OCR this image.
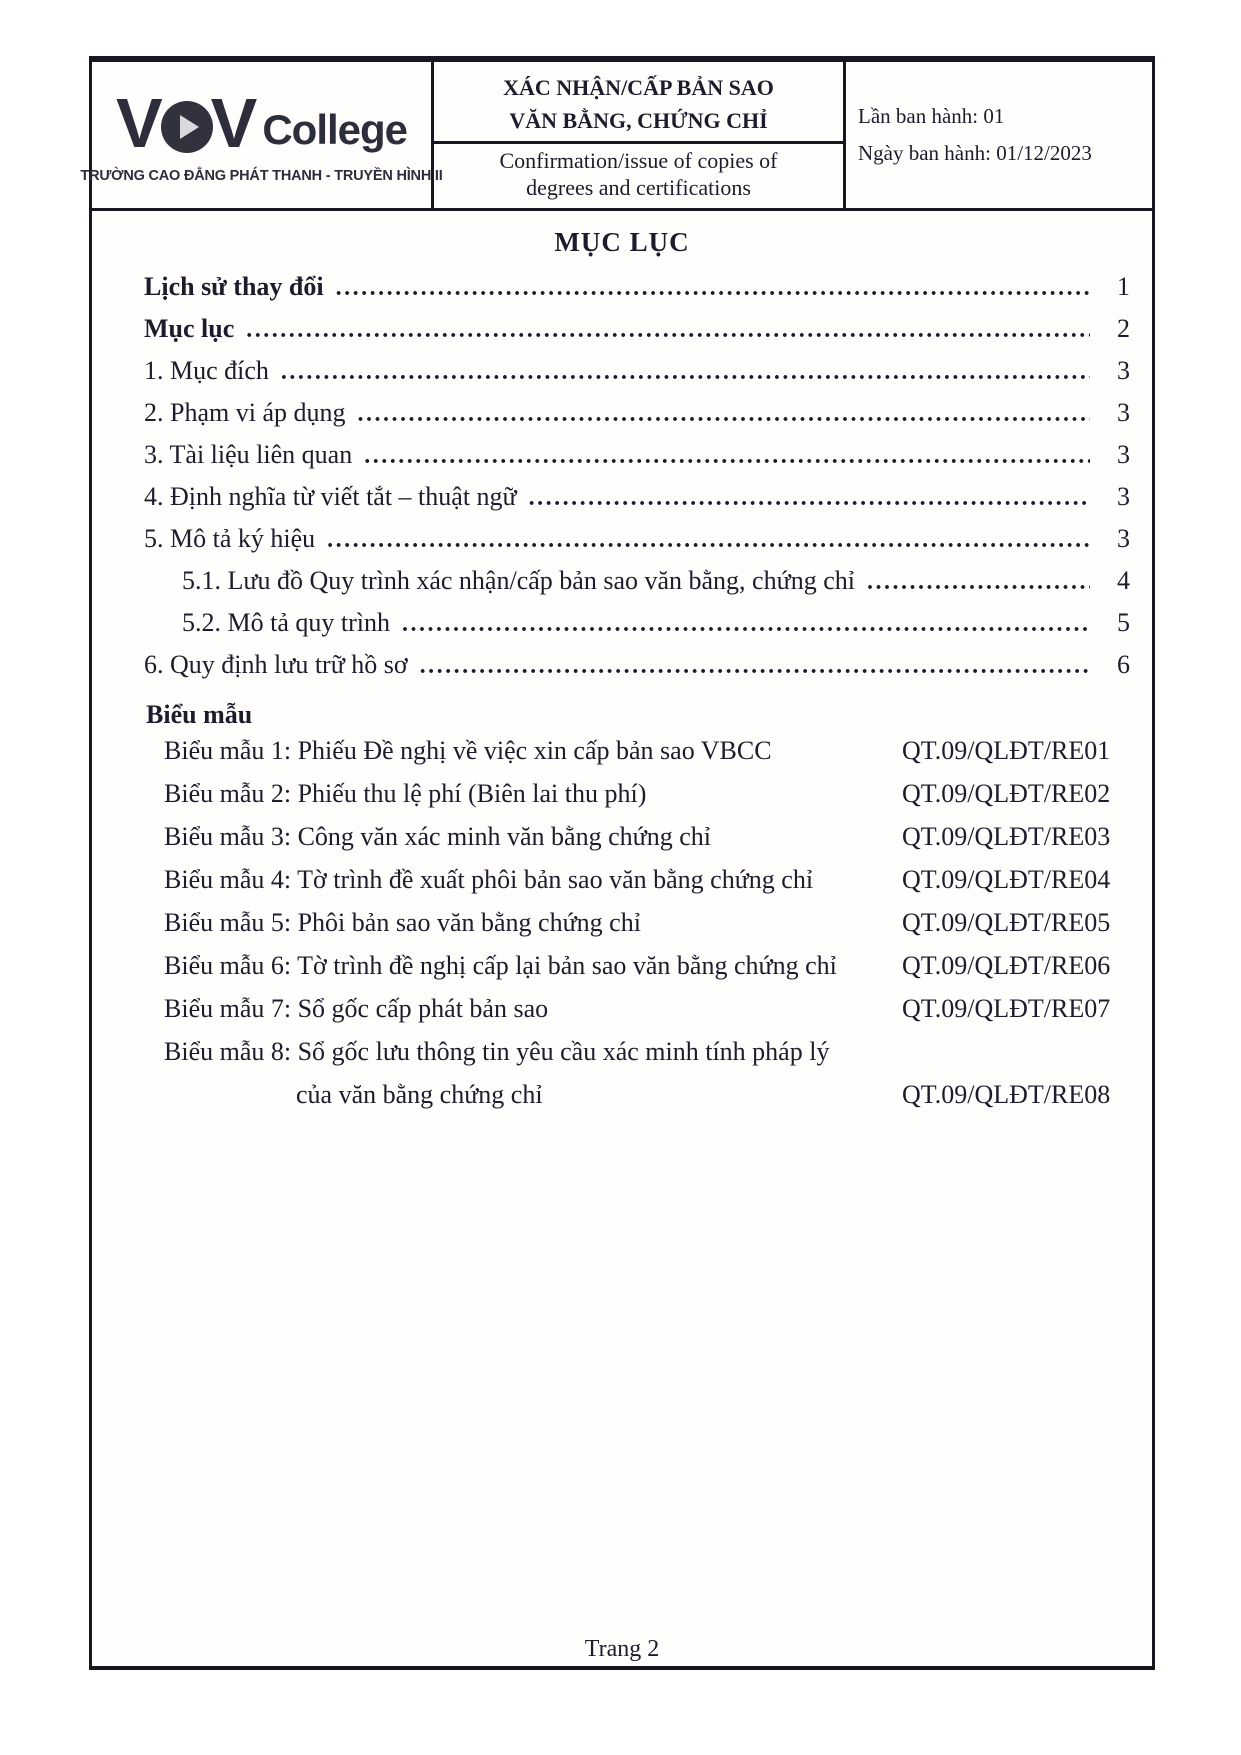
V V College
TRƯỜNG CAO ĐẲNG PHÁT THANH - TRUYỀN HÌNH II
XÁC NHẬN/CẤP BẢN SAO
VĂN BẰNG, CHỨNG CHỈ
Confirmation/issue of copies of
degrees and certifications
Lần ban hành: 01
Ngày ban hành: 01/12/2023
MỤC LỤC
Lịch sử thay đổi .....	1
Mục lục .....	2
1. Mục đích .....	3
2. Phạm vi áp dụng .....	3
3. Tài liệu liên quan .....	3
4. Định nghĩa từ viết tắt – thuật ngữ .....	3
5. Mô tả ký hiệu .....	3
5.1. Lưu đồ Quy trình xác nhận/cấp bản sao văn bằng, chứng chỉ .....	4
5.2. Mô tả quy trình .....	5
6. Quy định lưu trữ hồ sơ .....	6
Biểu mẫu
Biểu mẫu 1: Phiếu Đề nghị về việc xin cấp bản sao VBCC	QT.09/QLĐT/RE01
Biểu mẫu 2: Phiếu thu lệ phí (Biên lai thu phí)	QT.09/QLĐT/RE02
Biểu mẫu 3: Công văn xác minh văn bằng chứng chỉ	QT.09/QLĐT/RE03
Biểu mẫu 4: Tờ trình đề xuất phôi bản sao văn bằng chứng chỉ	QT.09/QLĐT/RE04
Biểu mẫu 5: Phôi bản sao văn bằng chứng chỉ	QT.09/QLĐT/RE05
Biểu mẫu 6: Tờ trình đề nghị cấp lại bản sao văn bằng chứng chỉ	QT.09/QLĐT/RE06
Biểu mẫu 7: Sổ gốc cấp phát bản sao	QT.09/QLĐT/RE07
Biểu mẫu 8: Sổ gốc lưu thông tin yêu cầu xác minh tính pháp lý
của văn bằng chứng chỉ	QT.09/QLĐT/RE08
Trang 2
